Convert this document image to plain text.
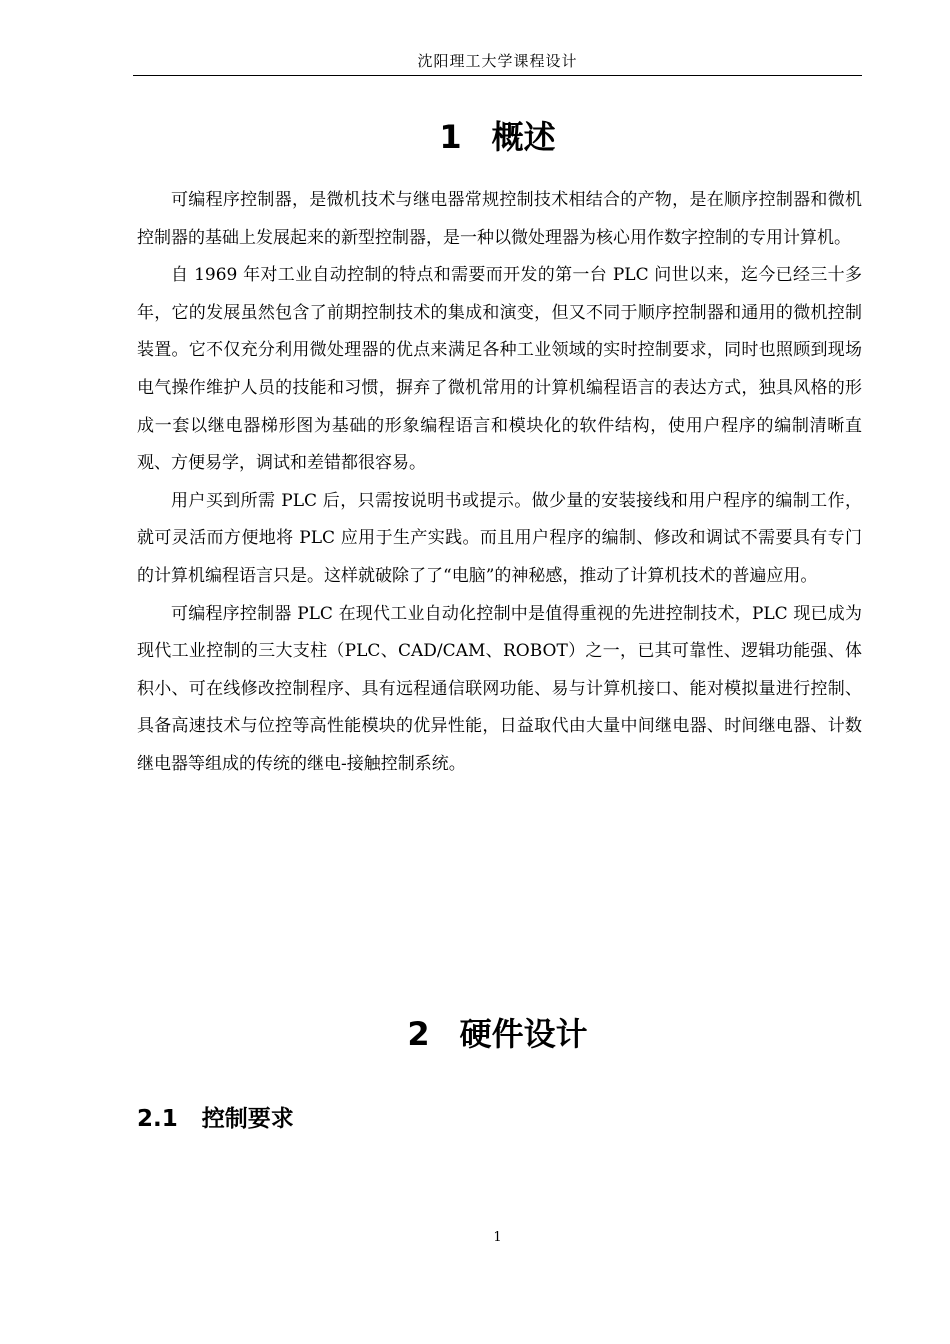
沈阳理工大学课程设计
1 概述

可编程序控制器，是微机技术与继电器常规控制技术相结合的产物，是在顺序控制器和微机控制器的基础上发展起来的新型控制器，是一种以微处理器为核心用作数字控制的专用计算机。

自 1969 年对工业自动控制的特点和需要而开发的第一台 PLC 问世以来，迄今已经三十多年，它的发展虽然包含了前期控制技术的集成和演变，但又不同于顺序控制器和通用的微机控制装置。它不仅充分利用微处理器的优点来满足各种工业领域的实时控制要求，同时也照顾到现场电气操作维护人员的技能和习惯，摒弃了微机常用的计算机编程语言的表达方式，独具风格的形成一套以继电器梯形图为基础的形象编程语言和模块化的软件结构，使用户程序的编制清晰直观、方便易学，调试和差错都很容易。

用户买到所需 PLC 后，只需按说明书或提示。做少量的安装接线和用户程序的编制工作，就可灵活而方便地将 PLC 应用于生产实践。而且用户程序的编制、修改和调试不需要具有专门的计算机编程语言只是。这样就破除了了“电脑”的神秘感，推动了计算机技术的普遍应用。

可编程序控制器 PLC 在现代工业自动化控制中是值得重视的先进控制技术，PLC 现已成为现代工业控制的三大支柱（PLC、CAD/CAM、ROBOT）之一，已其可靠性、逻辑功能强、体积小、可在线修改控制程序、具有远程通信联网功能、易与计算机接口、能对模拟量进行控制、具备高速技术与位控等高性能模块的优异性能，日益取代由大量中间继电器、时间继电器、计数继电器等组成的传统的继电-接触控制系统。

2 硬件设计
2.1 控制要求
1
